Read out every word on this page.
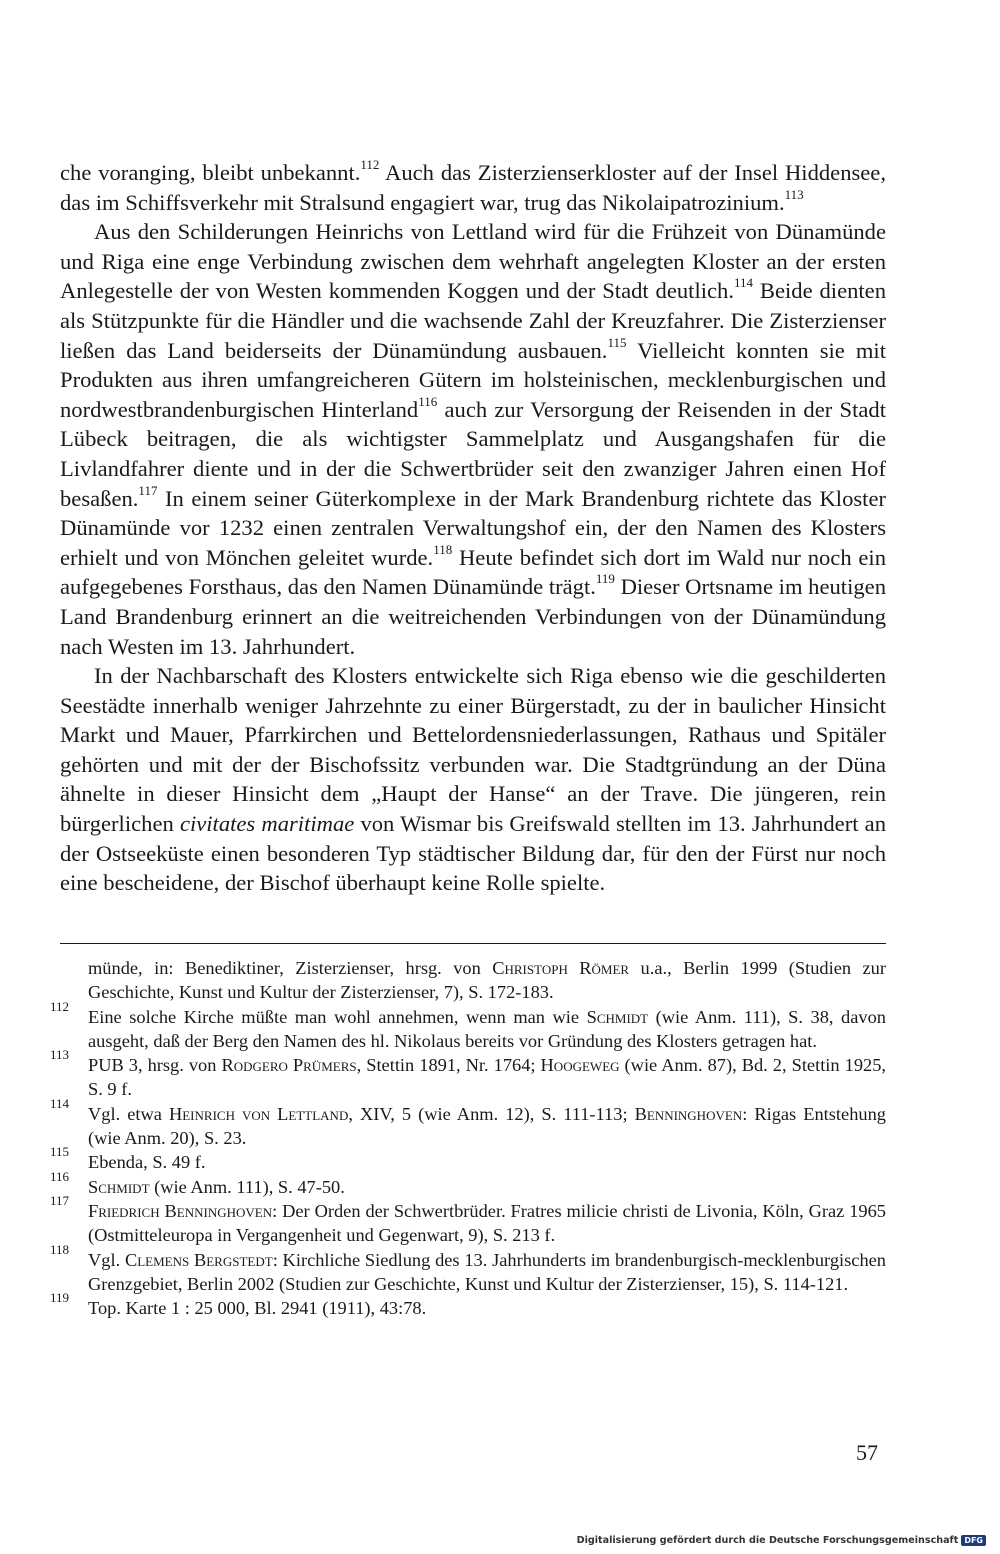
che voranging, bleibt unbekannt.$^{112}$ Auch das Zisterzienserkloster auf der Insel Hiddensee, das im Schiffsverkehr mit Stralsund engagiert war, trug das Nikolaipatrozinium.$^{113}$

Aus den Schilderungen Heinrichs von Lettland wird für die Frühzeit von Dünamünde und Riga eine enge Verbindung zwischen dem wehrhaft angelegten Kloster an der ersten Anlegestelle der von Westen kommenden Koggen und der Stadt deutlich.$^{114}$ Beide dienten als Stützpunkte für die Händler und die wachsende Zahl der Kreuzfahrer. Die Zisterzienser ließen das Land beiderseits der Dünamündung ausbauen.$^{115}$ Vielleicht konnten sie mit Produkten aus ihren umfangreicheren Gütern im holsteinischen, mecklenburgischen und nordwestbrandenburgischen Hinterland$^{116}$ auch zur Versorgung der Reisenden in der Stadt Lübeck beitragen, die als wichtigster Sammelplatz und Ausgangshafen für die Livlandfahrer diente und in der die Schwertbrüder seit den zwanziger Jahren einen Hof besaßen.$^{117}$ In einem seiner Güterkomplexe in der Mark Brandenburg richtete das Kloster Dünamünde vor 1232 einen zentralen Verwaltungshof ein, der den Namen des Klosters erhielt und von Mönchen geleitet wurde.$^{118}$ Heute befindet sich dort im Wald nur noch ein aufgegebenes Forsthaus, das den Namen Dünamünde trägt.$^{119}$ Dieser Ortsname im heutigen Land Brandenburg erinnert an die weitreichenden Verbindungen von der Dünamündung nach Westen im 13. Jahrhundert.

In der Nachbarschaft des Klosters entwickelte sich Riga ebenso wie die geschilderten Seestädte innerhalb weniger Jahrzehnte zu einer Bürgerstadt, zu der in baulicher Hinsicht Markt und Mauer, Pfarrkirchen und Bettelordensniederlassungen, Rathaus und Spitäler gehörten und mit der der Bischofssitz verbunden war. Die Stadtgründung an der Düna ähnelte in dieser Hinsicht dem „Haupt der Hanse“ an der Trave. Die jüngeren, rein bürgerlichen civitates maritimae von Wismar bis Greifswald stellten im 13. Jahrhundert an der Ostseeküste einen besonderen Typ städtischer Bildung dar, für den der Fürst nur noch eine bescheidene, der Bischof überhaupt keine Rolle spielte.

münde, in: Benediktiner, Zisterzienser, hrsg. von Christoph Römer u.a., Berlin 1999 (Studien zur Geschichte, Kunst und Kultur der Zisterzienser, 7), S. 172-183.
112
Eine solche Kirche müßte man wohl annehmen, wenn man wie Schmidt (wie Anm. 111), S. 38, davon ausgeht, daß der Berg den Namen des hl. Nikolaus bereits vor Gründung des Klosters getragen hat.
113
PUB 3, hrsg. von Rodgero Prümers, Stettin 1891, Nr. 1764; Hoogeweg (wie Anm. 87), Bd. 2, Stettin 1925, S. 9 f.
114
Vgl. etwa Heinrich von Lettland, XIV, 5 (wie Anm. 12), S. 111-113; Benninghoven: Rigas Entstehung (wie Anm. 20), S. 23.
115
Ebenda, S. 49 f.
116
Schmidt (wie Anm. 111), S. 47-50.
117
Friedrich Benninghoven: Der Orden der Schwertbrüder. Fratres milicie christi de Livonia, Köln, Graz 1965 (Ostmitteleuropa in Vergangenheit und Gegenwart, 9), S. 213 f.
118
Vgl. Clemens Bergstedt: Kirchliche Siedlung des 13. Jahrhunderts im brandenburgisch-mecklenburgischen Grenzgebiet, Berlin 2002 (Studien zur Geschichte, Kunst und Kultur der Zisterzienser, 15), S. 114-121.
119
Top. Karte 1 : 25 000, Bl. 2941 (1911), 43:78.
57
Digitalisierung gefördert durch die Deutsche Forschungsgemeinschaft DFG
